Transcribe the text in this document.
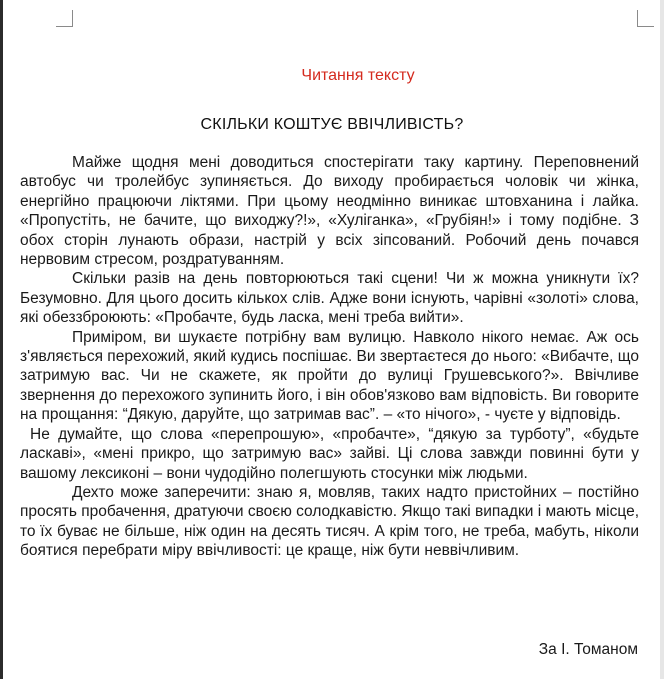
Читання тексту
СКІЛЬКИ КОШТУЄ ВВІЧЛИВІСТЬ?

Майже щодня мені доводиться спостерігати таку картину. Переповнений автобус чи тролейбус зупиняється. До виходу пробирається чоловік чи жінка, енергійно працюючи ліктями. При цьому неодмінно виникає штовханина і лайка. «Пропустіть, не бачите, що виходжу?!», «Хуліганка», «Грубіян!» і тому подібне. З обох сторін лунають образи, настрій у всіх зіпсований. Робочий день почався нервовим стресом, роздратуванням.

Скільки разів на день повторюються такі сцени! Чи ж можна уникнути їх? Безумовно. Для цього досить кількох слів. Адже вони існують, чарівні «золоті» слова, які обеззброюють: «Пробачте, будь ласка, мені треба вийти».

Приміром, ви шукаєте потрібну вам вулицю. Навколо нікого немає. Аж ось з'являється перехожий, який кудись поспішає. Ви звертаєтеся до нього: «Вибачте, що затримую вас. Чи не скажете, як пройти до вулиці Грушевського?». Ввічливе звернення до перехожого зупинить його, і він обов'язково вам відповість. Ви говорите на прощання: “Дякую, даруйте, що затримав вас”. – «то нічого», - чуєте у відповідь.

Не думайте, що слова «перепрошую», «пробачте», “дякую за турботу”, «будьте ласкаві», «мені прикро, що затримую вас» зайві. Ці слова завжди повинні бути у вашому лексиконі – вони чудодійно полегшують стосунки між людьми.

Дехто може заперечити: знаю я, мовляв, таких надто пристойних – постійно просять пробачення, дратуючи своєю солодкавістю. Якщо такі випадки і мають місце, то їх буває не більше, ніж один на десять тисяч. А крім того, не треба, мабуть, ніколи боятися перебрати міру ввічливості: це краще, ніж бути неввічливим.

За І. Томаном
